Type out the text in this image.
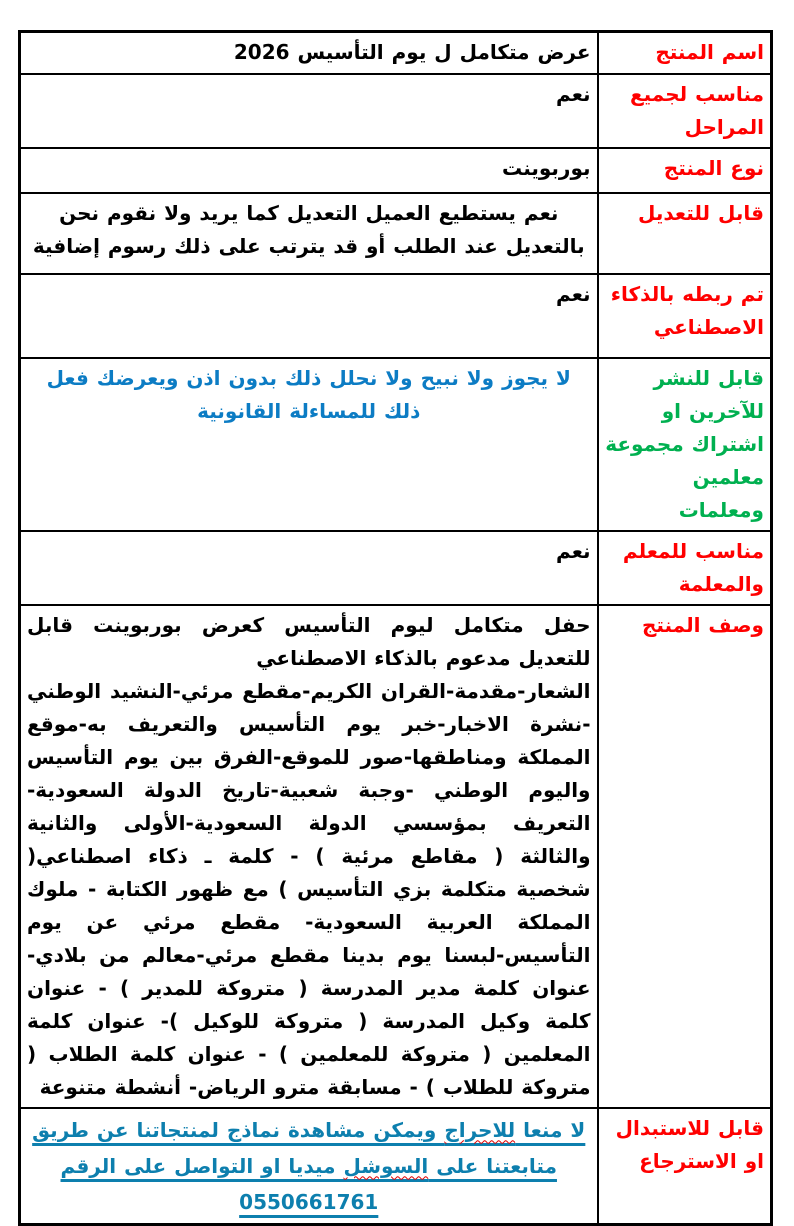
اسم المنتج	عرض متكامل ل يوم التأسيس 2026
مناسب لجميع المراحل	نعم
نوع المنتج	بوربوينت
قابل للتعديل	نعم يستطيع العميل التعديل كما يريد ولا نقوم نحن بالتعديل عند الطلب أو قد يترتب على ذلك رسوم إضافية
تم ربطه بالذكاء الاصطناعي	نعم
قابل للنشر للآخرين او اشتراك مجموعة معلمين ومعلمات	لا يجوز ولا نبيح ولا نحلل ذلك بدون اذن ويعرضك فعل ذلك للمساءلة القانونية
مناسب للمعلم والمعلمة	نعم
وصف المنتج	حفل متكامل ليوم التأسيس كعرض بوربوينت قابل للتعديل مدعوم بالذكاء الاصطناعي

الشعار-مقدمة-القران الكريم-مقطع مرئي-النشيد الوطني -نشرة الاخبار-خبر يوم التأسيس والتعريف به-موقع المملكة ومناطقها-صور للموقع-الفرق بين يوم التأسيس واليوم الوطني -وجبة شعبية-تاريخ الدولة السعودية-التعريف بمؤسسي الدولة السعودية-الأولى والثانية والثالثة ( مقاطع مرئية ) - كلمة ـ ذكاء اصطناعي( شخصية متكلمة بزي التأسيس ) مع ظهور الكتابة - ملوك المملكة العربية السعودية- مقطع مرئي عن يوم التأسيس-لبسنا يوم بدينا مقطع مرئي-معالم من بلادي-عنوان كلمة مدير المدرسة ( متروكة للمدير ) - عنوان كلمة وكيل المدرسة ( متروكة للوكيل )- عنوان كلمة المعلمين ( متروكة للمعلمين ) - عنوان كلمة الطلاب ( متروكة للطلاب ) - مسابقة مترو الرياض- أنشطة متنوعة

قابل للاستبدال او الاسترجاع	لا منعا للاحراج ويمكن مشاهدة نماذج لمنتجاتنا عن طريق متابعتنا على السوشل ميديا او التواصل على الرقم 0550661761
